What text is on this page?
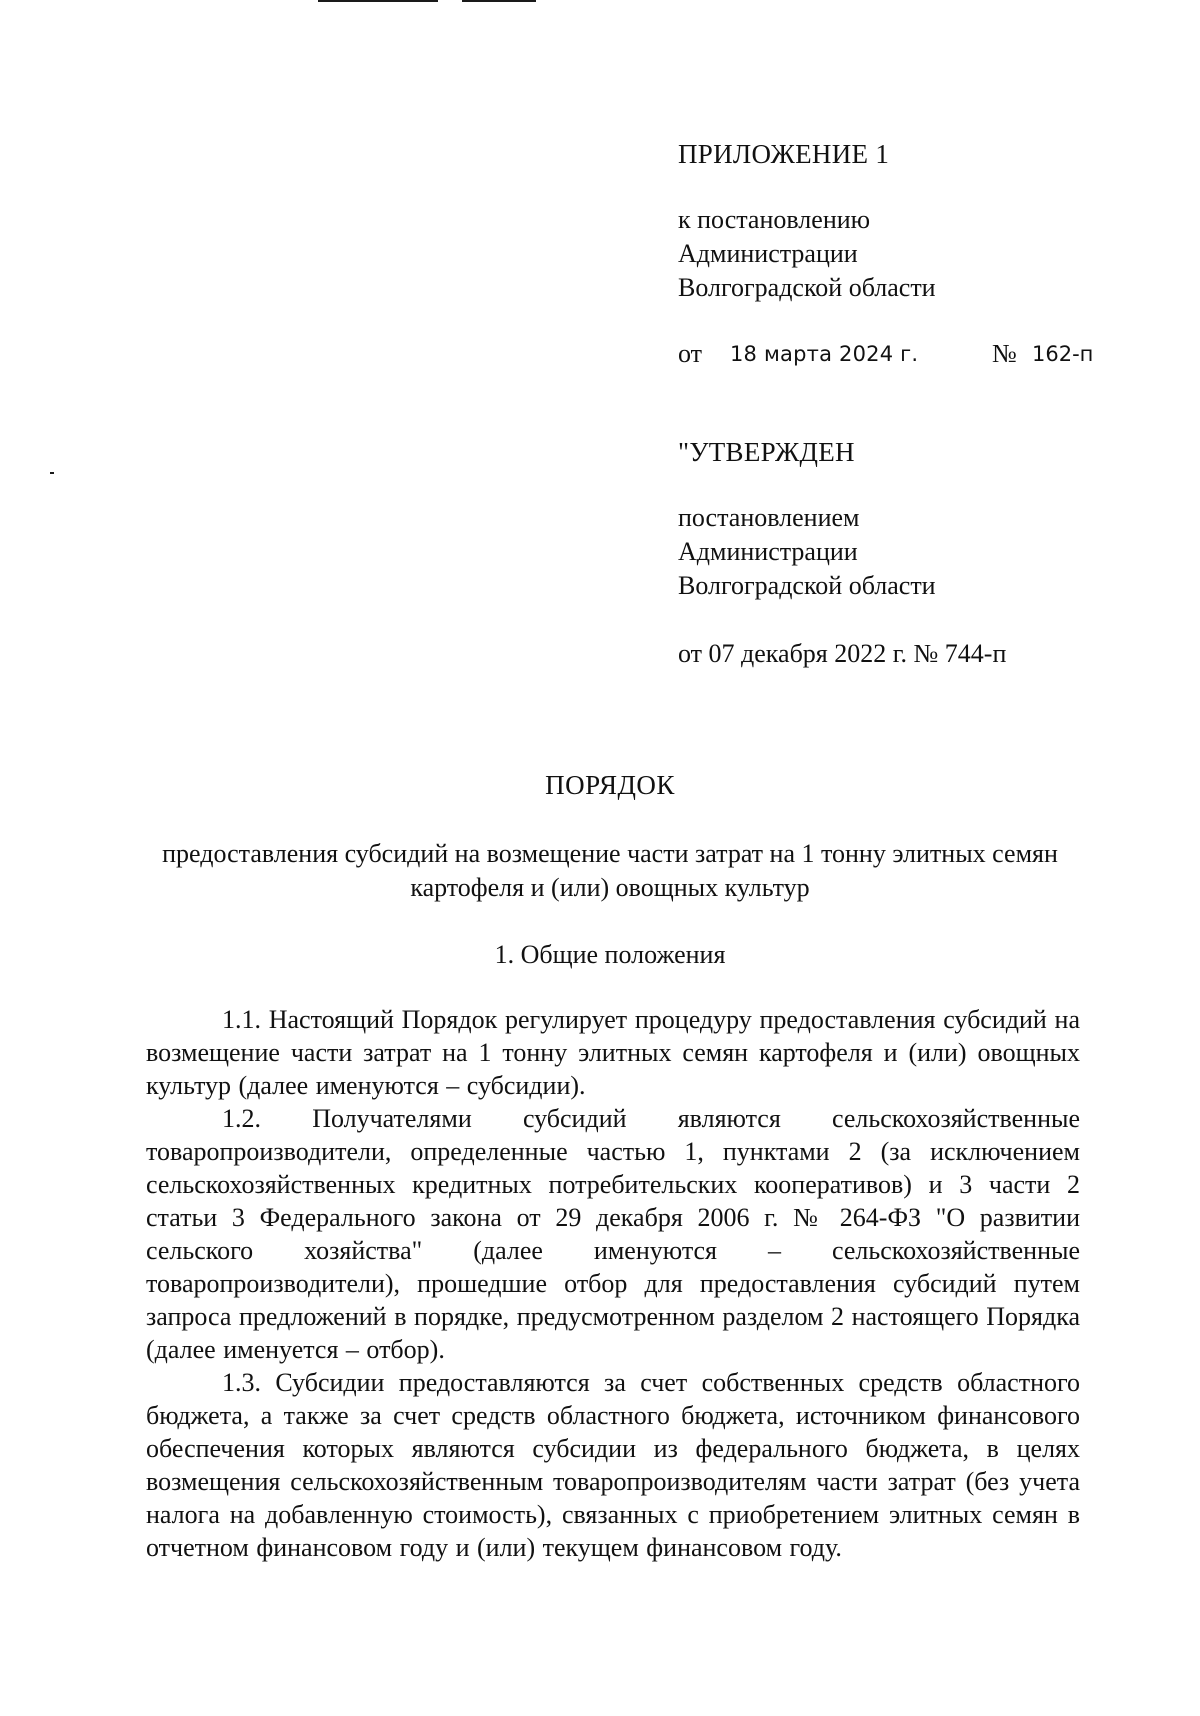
ПРИЛОЖЕНИЕ 1
к постановлению
Администрации
Волгоградской области
от 18 марта 2024 г.	№ 162-п
"УТВЕРЖДЕН
постановлением
Администрации
Волгоградской области
от 07 декабря 2022 г. № 744-п
ПОРЯДОК
предоставления субсидий на возмещение части затрат на 1 тонну элитных семян картофеля и (или) овощных культур
1. Общие положения

1.1. Настоящий Порядок регулирует процедуру предоставления субсидий на возмещение части затрат на 1 тонну элитных семян картофеля и (или) овощных культур (далее именуются – субсидии).

1.2. Получателями субсидий являются сельскохозяйственные товаропроизводители, определенные частью 1, пунктами 2 (за исключением сельскохозяйственных кредитных потребительских кооперативов) и 3 части 2 статьи 3 Федерального закона от 29 декабря 2006 г. № 264-ФЗ "О развитии сельского хозяйства" (далее именуются – сельскохозяйственные товаропроизводители), прошедшие отбор для предоставления субсидий путем запроса предложений в порядке, предусмотренном разделом 2 настоящего Порядка (далее именуется – отбор).

1.3. Субсидии предоставляются за счет собственных средств областного бюджета, а также за счет средств областного бюджета, источником финансового обеспечения которых являются субсидии из федерального бюджета, в целях возмещения сельскохозяйственным товаропроизводителям части затрат (без учета налога на добавленную стоимость), связанных с приобретением элитных семян в отчетном финансовом году и (или) текущем финансовом году.
